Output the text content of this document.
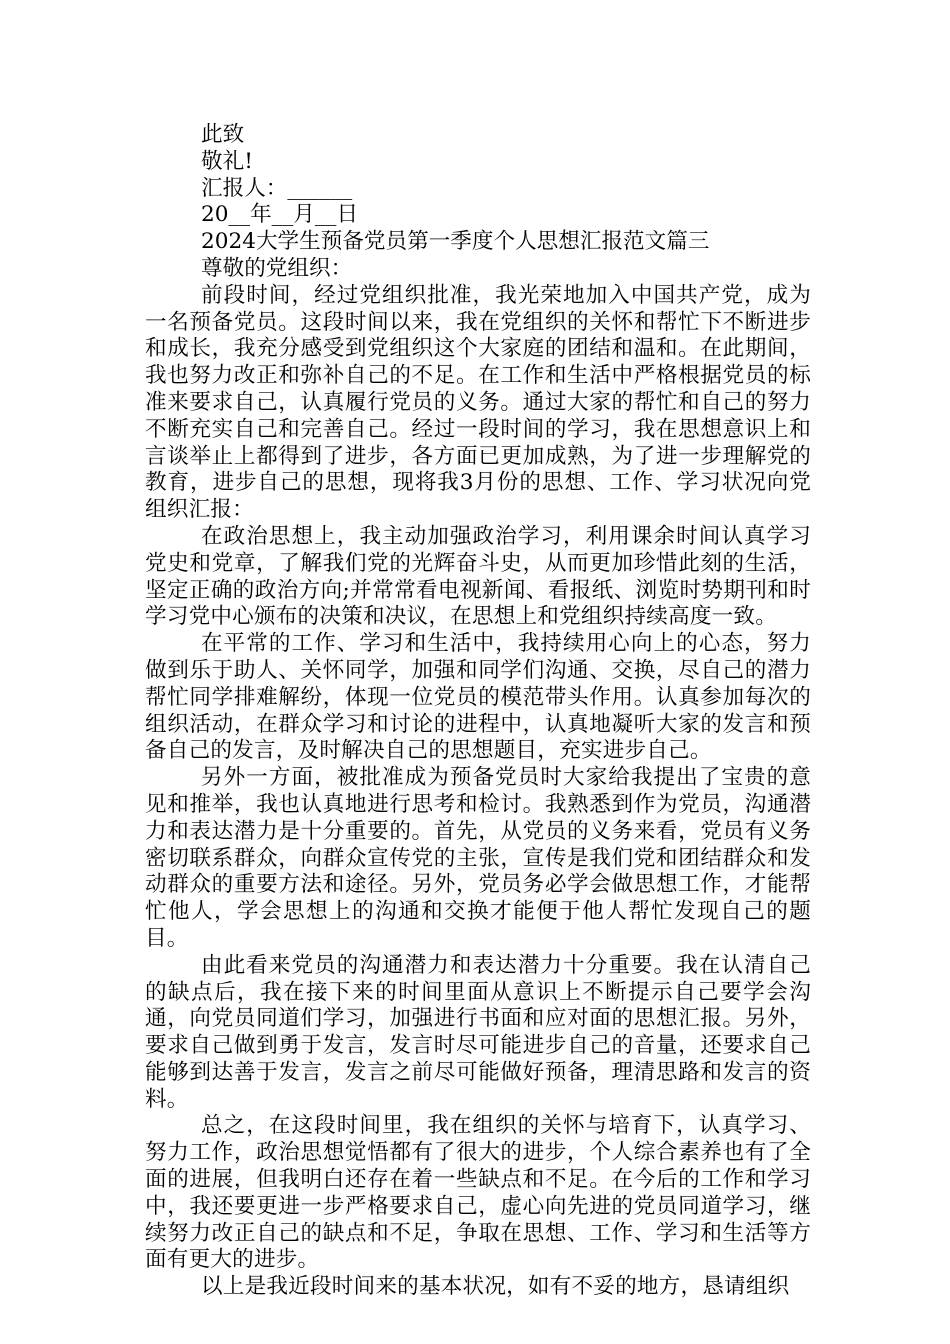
此致
敬礼!
汇报人：______
20__年__月__日
2024大学生预备党员第一季度个人思想汇报范文篇三
尊敬的党组织：

前段时间，经过党组织批准，我光荣地加入中国共产党，成为一名预备党员。这段时间以来，我在党组织的关怀和帮忙下不断进步和成长，我充分感受到党组织这个大家庭的团结和温和。在此期间，我也努力改正和弥补自己的不足。在工作和生活中严格根据党员的标准来要求自己，认真履行党员的义务。通过大家的帮忙和自己的努力不断充实自己和完善自己。经过一段时间的学习，我在思想意识上和言谈举止上都得到了进步，各方面已更加成熟，为了进一步理解党的教育，进步自己的思想，现将我3月份的思想、工作、学习状况向党组织汇报：

在政治思想上，我主动加强政治学习，利用课余时间认真学习党史和党章，了解我们党的光辉奋斗史，从而更加珍惜此刻的生活，坚定正确的政治方向;并常常看电视新闻、看报纸、浏览时势期刊和时学习党中心颁布的决策和决议，在思想上和党组织持续高度一致。

在平常的工作、学习和生活中，我持续用心向上的心态，努力做到乐于助人、关怀同学，加强和同学们沟通、交换，尽自己的潜力帮忙同学排难解纷，体现一位党员的模范带头作用。认真参加每次的组织活动，在群众学习和讨论的进程中，认真地凝听大家的发言和预备自己的发言，及时解决自己的思想题目，充实进步自己。

另外一方面，被批准成为预备党员时大家给我提出了宝贵的意见和推举，我也认真地进行思考和检讨。我熟悉到作为党员，沟通潜力和表达潜力是十分重要的。首先，从党员的义务来看，党员有义务密切联系群众，向群众宣传党的主张，宣传是我们党和团结群众和发动群众的重要方法和途径。另外，党员务必学会做思想工作，才能帮忙他人，学会思想上的沟通和交换才能便于他人帮忙发现自己的题目。

由此看来党员的沟通潜力和表达潜力十分重要。我在认清自己的缺点后，我在接下来的时间里面从意识上不断提示自己要学会沟通，向党员同道们学习，加强进行书面和应对面的思想汇报。另外，要求自己做到勇于发言，发言时尽可能进步自己的音量，还要求自己能够到达善于发言，发言之前尽可能做好预备，理清思路和发言的资料。

总之，在这段时间里，我在组织的关怀与培育下，认真学习、努力工作，政治思想觉悟都有了很大的进步，个人综合素养也有了全面的进展，但我明白还存在着一些缺点和不足。在今后的工作和学习中，我还要更进一步严格要求自己，虚心向先进的党员同道学习，继续努力改正自己的缺点和不足，争取在思想、工作、学习和生活等方面有更大的进步。

以上是我近段时间来的基本状况，如有不妥的地方，恳请组织
